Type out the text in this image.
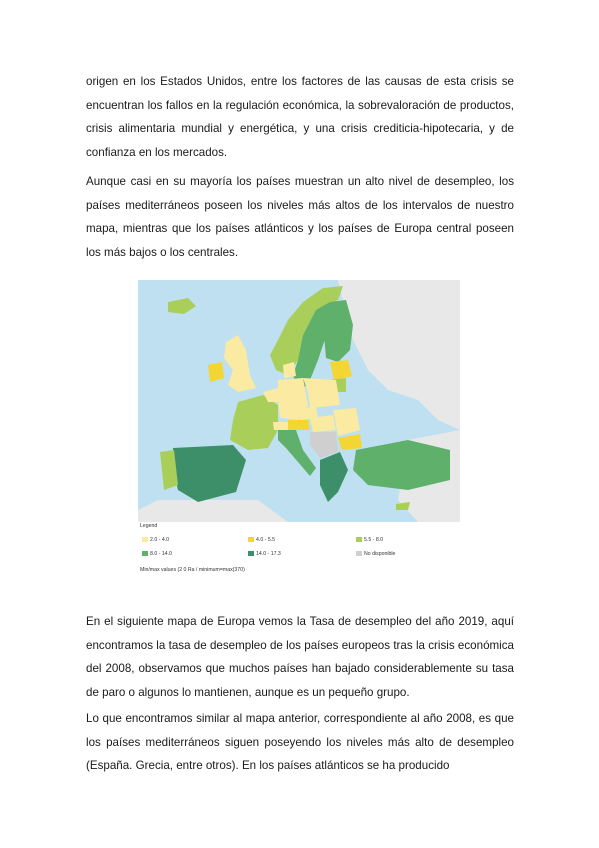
origen en los Estados Unidos, entre los factores de las causas de esta crisis se encuentran los fallos en la regulación económica, la sobrevaloración de productos, crisis alimentaria mundial y energética, y una crisis crediticia-hipotecaria, y de confianza en los mercados.

Aunque casi en su mayoría los países muestran un alto nivel de desempleo, los países mediterráneos poseen los niveles más altos de los intervalos de nuestro mapa, mientras que los países atlánticos y los países de Europa central poseen los más bajos o los centrales.

Legend
2.0 - 4.0	4.0 - 5.5	5.5 - 8.0
8.0 - 14.0	14.0 - 17.3	No disponible
Min/max values (2 0 Ra / minimum=max(370)

En el siguiente mapa de Europa vemos la Tasa de desempleo del año 2019, aquí encontramos la tasa de desempleo de los países europeos tras la crisis económica del 2008, observamos que muchos países han bajado considerablemente su tasa de paro o algunos lo mantienen, aunque es un pequeño grupo.

Lo que encontramos similar al mapa anterior, correspondiente al año 2008, es que los países mediterráneos siguen poseyendo los niveles más alto de desempleo (España. Grecia, entre otros). En los países atlánticos se ha producido
